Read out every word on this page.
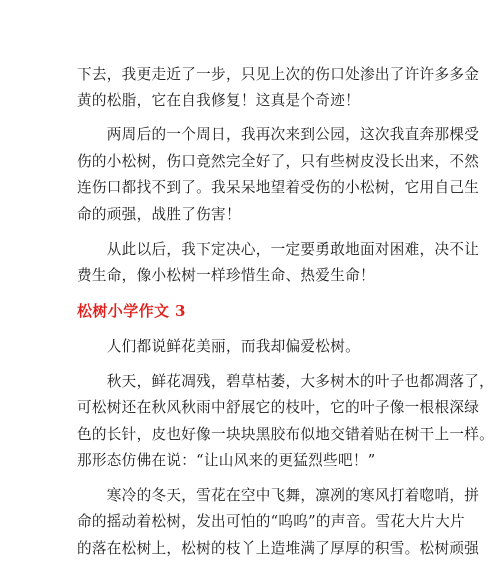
下去，我更走近了一步，只见上次的伤口处渗出了许许多多金
黄的松脂，它在自我修复！这真是个奇迹！
　　两周后的一个周日，我再次来到公园，这次我直奔那棵受
伤的小松树，伤口竟然完全好了，只有些树皮没长出来，不然
连伤口都找不到了。我呆呆地望着受伤的小松树，它用自己生
命的顽强，战胜了伤害！
　　从此以后，我下定决心，一定要勇敢地面对困难，决不让
费生命，像小松树一样珍惜生命、热爱生命！
松树小学作文 3
　　人们都说鲜花美丽，而我却偏爱松树。
　　秋天，鲜花凋残，碧草枯萎，大多树木的叶子也都凋落了，
可松树还在秋风秋雨中舒展它的枝叶，它的叶子像一根根深绿
色的长针，皮也好像一块块黑胶布似地交错着贴在树干上一样。
那形态仿佛在说：“让山风来的更猛烈些吧！”
　　寒冷的冬天，雪花在空中飞舞，凛冽的寒风打着唿哨，拼
命的摇动着松树，发出可怕的“呜呜”的声音。雪花大片大片
的落在松树上，松树的枝丫上造堆满了厚厚的积雪。松树顽强
